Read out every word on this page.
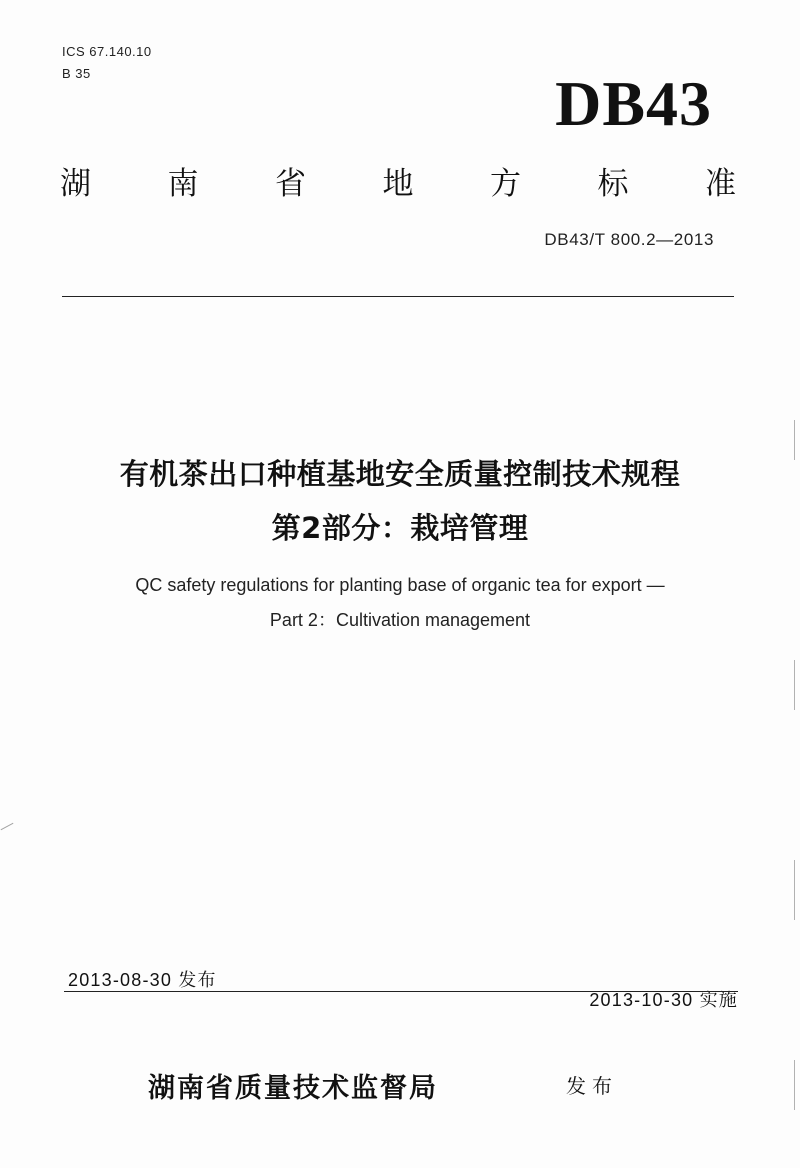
ICS 67.140.10
B 35	DB43
湖 南 省 地 方 标 准
DB43/T 800.2—2013
有机茶出口种植基地安全质量控制技术规程
第2部分：栽培管理
QC safety regulations for planting base of organic tea for export —
Part 2：Cultivation management
2013-08-30 发布
2013-10-30 实施
湖南省质量技术监督局	发布
